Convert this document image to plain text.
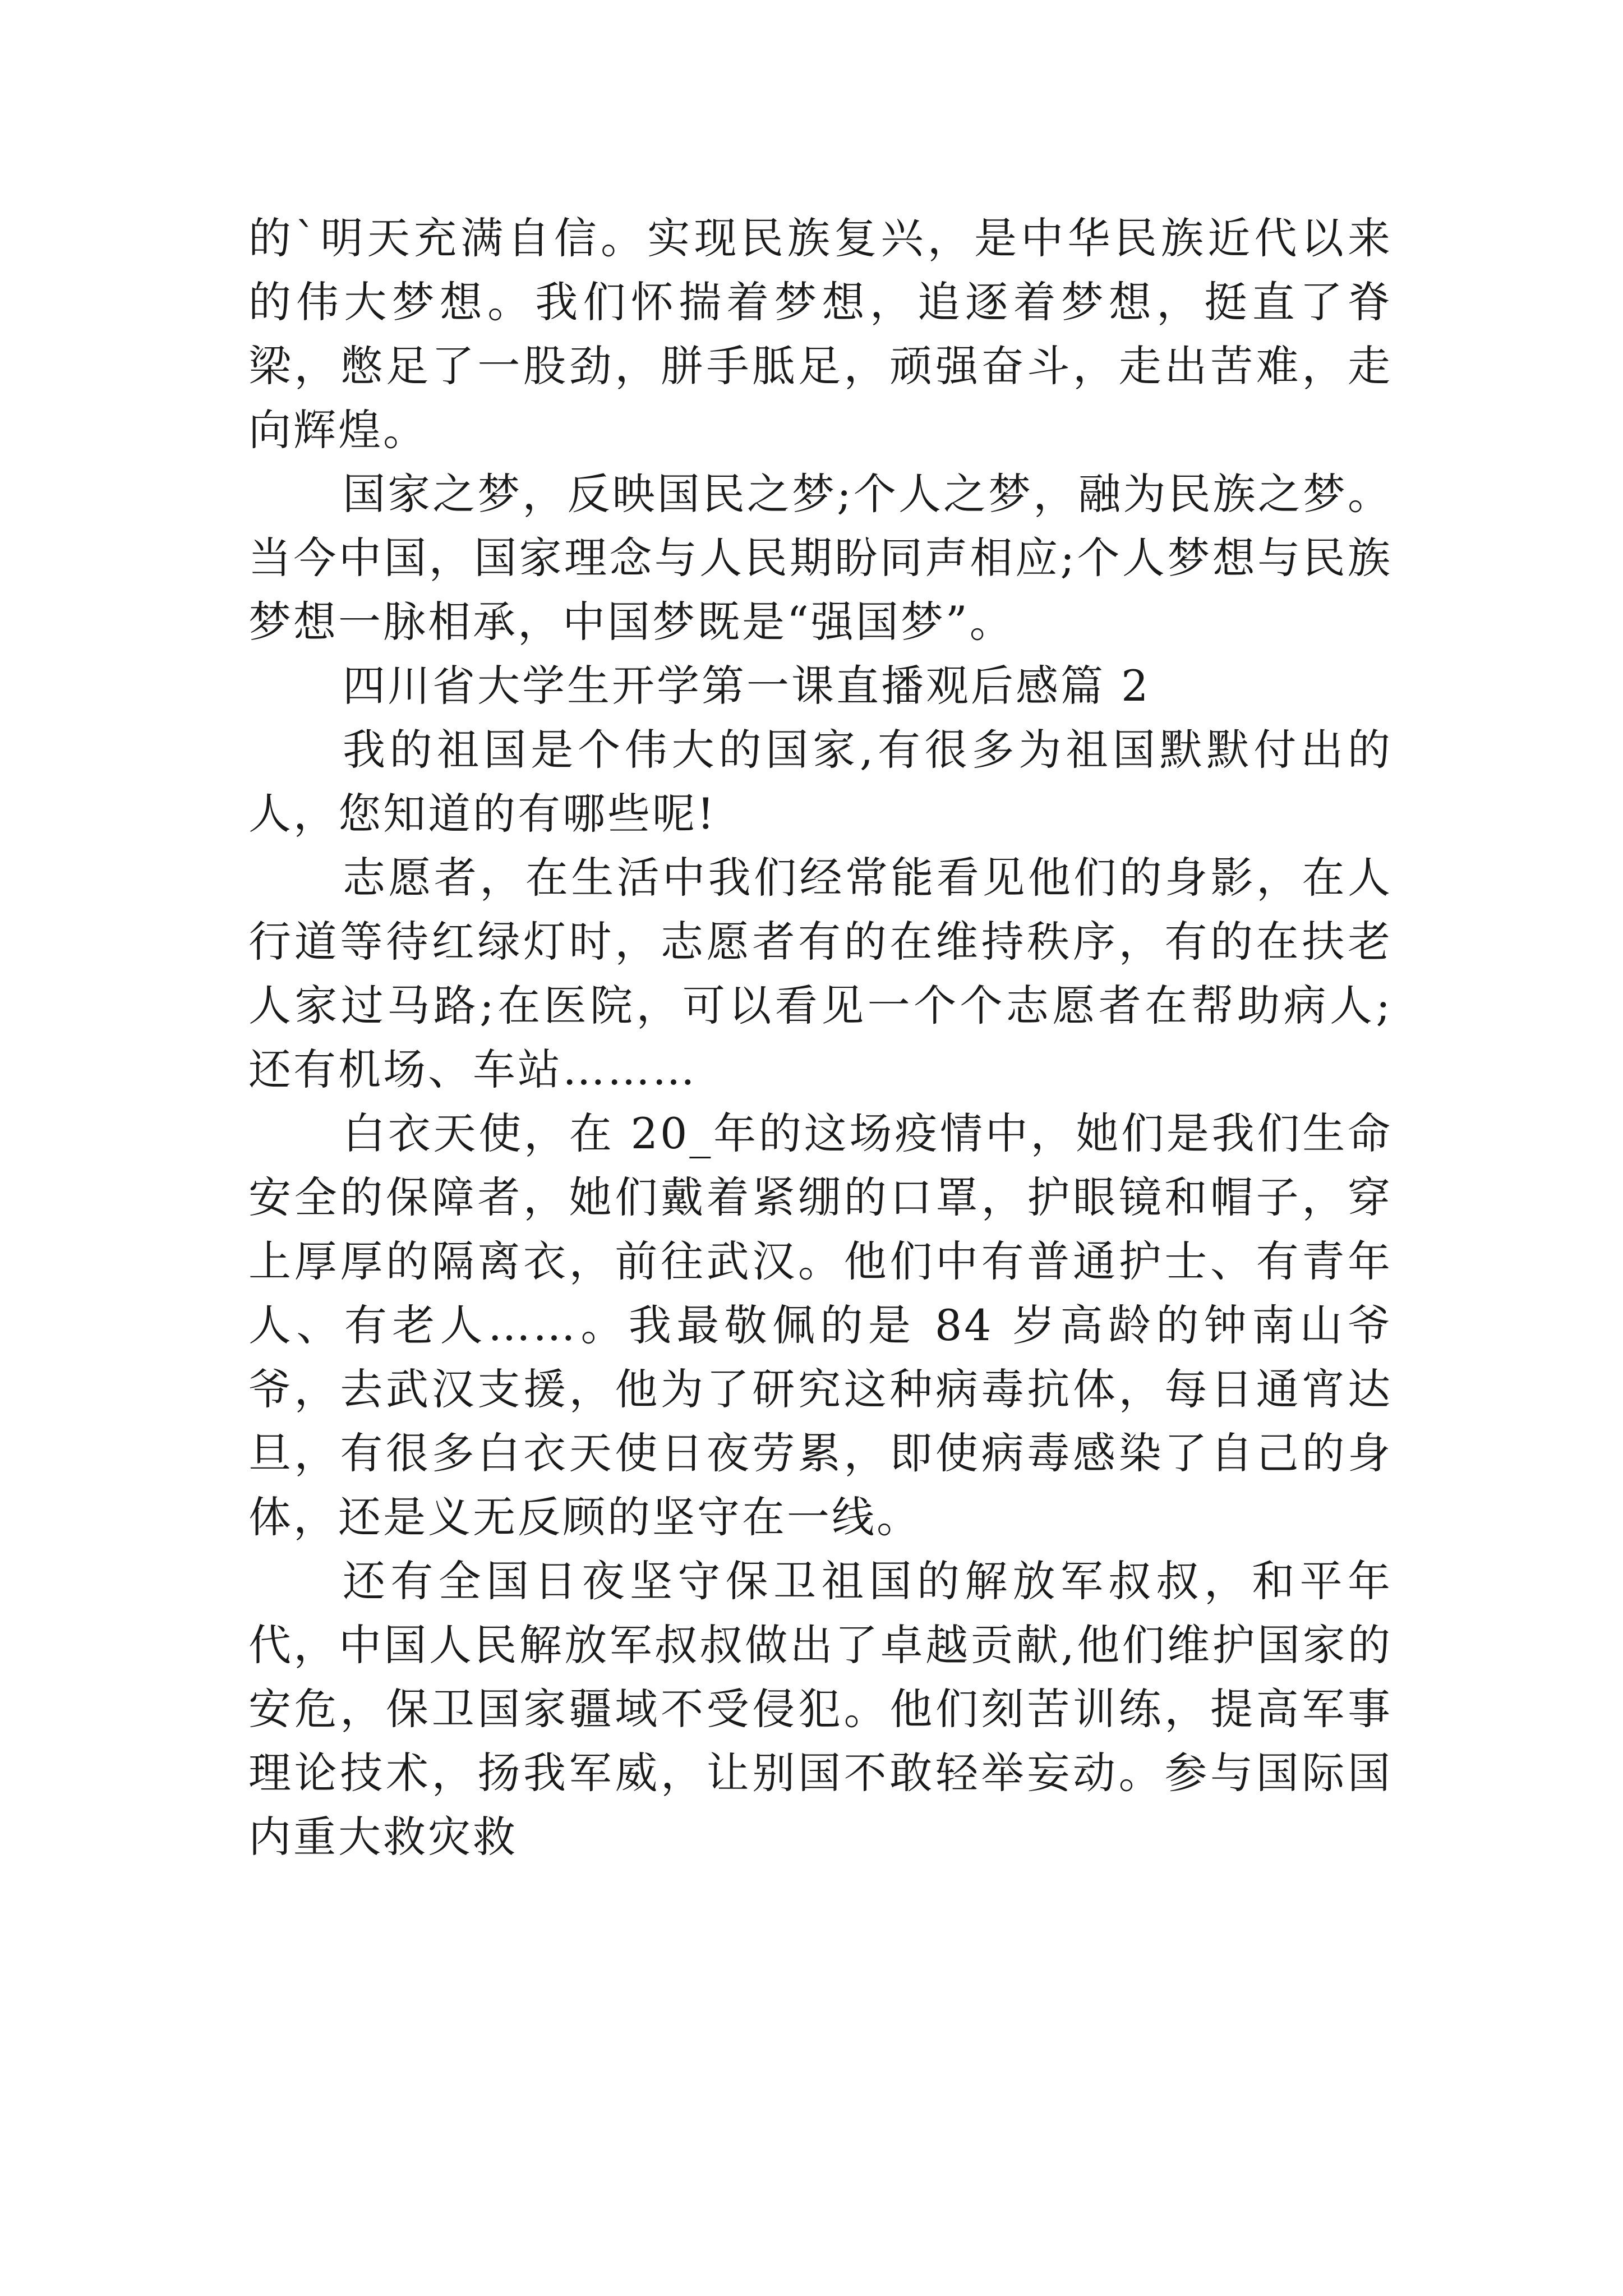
的`明天充满自信。实现民族复兴，是中华民族近代以来的伟大梦想。我们怀揣着梦想，追逐着梦想，挺直了脊梁，憋足了一股劲，胼手胝足，顽强奋斗，走出苦难，走向辉煌。

国家之梦，反映国民之梦;个人之梦，融为民族之梦。当今中国，国家理念与人民期盼同声相应;个人梦想与民族梦想一脉相承，中国梦既是“强国梦”。

四川省大学生开学第一课直播观后感篇 2

我的祖国是个伟大的国家,有很多为祖国默默付出的人，您知道的有哪些呢!

志愿者，在生活中我们经常能看见他们的身影，在人行道等待红绿灯时，志愿者有的在维持秩序，有的在扶老人家过马路;在医院，可以看见一个个志愿者在帮助病人;还有机场、车站………

白衣天使，在 20_年的这场疫情中，她们是我们生命安全的保障者，她们戴着紧绷的口罩，护眼镜和帽子，穿上厚厚的隔离衣，前往武汉。他们中有普通护士、有青年人、有老人……。我最敬佩的是 84 岁高龄的钟南山爷爷，去武汉支援，他为了研究这种病毒抗体，每日通宵达旦，有很多白衣天使日夜劳累，即使病毒感染了自己的身体，还是义无反顾的坚守在一线。

还有全国日夜坚守保卫祖国的解放军叔叔，和平年代，中国人民解放军叔叔做出了卓越贡献,他们维护国家的安危，保卫国家疆域不受侵犯。他们刻苦训练，提高军事理论技术，扬我军威，让别国不敢轻举妄动。参与国际国内重大救灾救
